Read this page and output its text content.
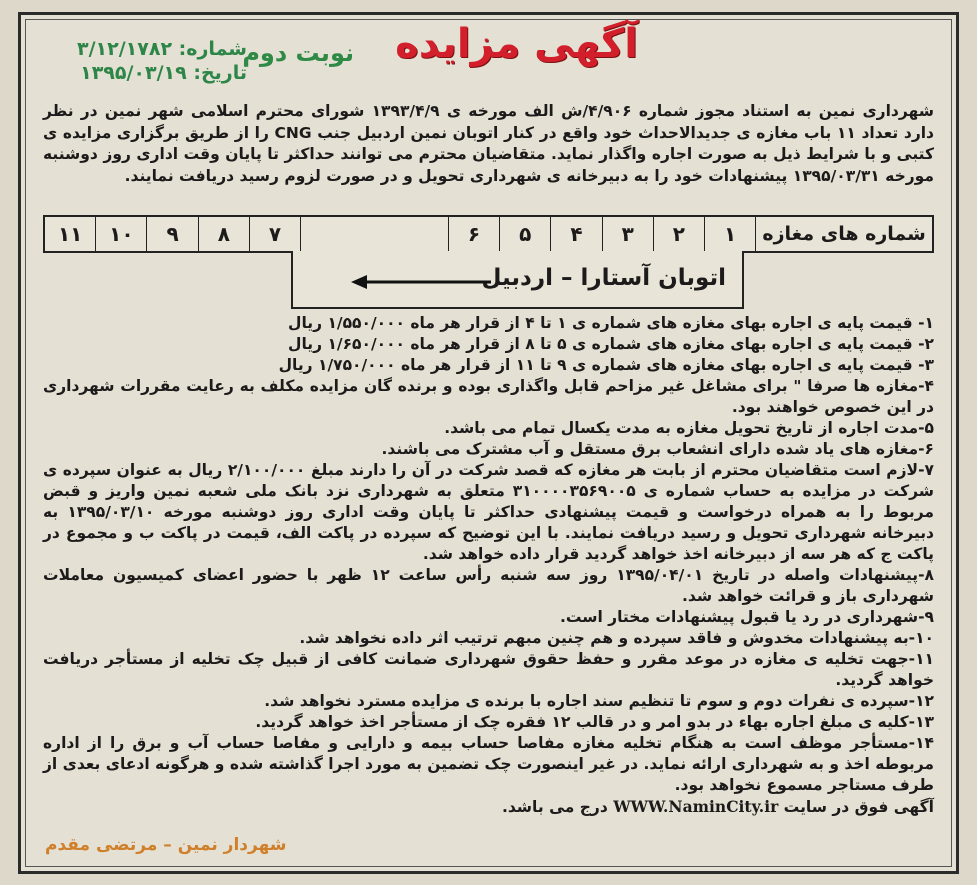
آگهی مزایده
نوبت دوم
شماره: ۳/۱۲/۱۷۸۲
تاریخ: ۱۳۹۵/۰۳/۱۹
شهرداری نمین به استناد مجوز شماره ۴/۹۰۶/ش الف مورخه ی ۱۳۹۳/۴/۹ شورای محترم اسلامی شهر نمین در نظر دارد تعداد ۱۱ باب مغازه ی جدیدالاحداث خود واقع در کنار اتوبان نمین اردبیل جنب CNG را از طریق برگزاری مزایده ی کتبی و با شرایط ذیل به صورت اجاره واگذار نماید. متقاضیان محترم می توانند حداکثر تا پایان وقت اداری روز دوشنبه مورخه ۱۳۹۵/۰۳/۳۱ پیشنهادات خود را به دبیرخانه ی شهرداری تحویل و در صورت لزوم رسید دریافت نمایند.
شماره های مغازه
۱
۲
۳
۴
۵
۶
۷
۸
۹
۱۰
۱۱
اتوبان آستارا – اردبیل

۱- قیمت پایه ی اجاره بهای مغازه های شماره ی ۱ تا ۴ از قرار هر ماه ۱/۵۵۰/۰۰۰ ریال

۲- قیمت پایه ی اجاره بهای مغازه های شماره ی ۵ تا ۸ از قرار هر ماه ۱/۶۵۰/۰۰۰ ریال

۳- قیمت پایه ی اجاره بهای مغازه های شماره ی ۹ تا ۱۱ از قرار هر ماه ۱/۷۵۰/۰۰۰ ریال

۴-مغازه ها صرفا " برای مشاغل غیر مزاحم قابل واگذاری بوده و برنده گان مزایده مکلف به رعایت مقررات شهرداری در این خصوص خواهند بود.

۵-مدت اجاره از تاریخ تحویل مغازه به مدت یکسال تمام می باشد.

۶-مغازه های یاد شده دارای انشعاب برق مستقل و آب مشترک می باشند.

۷-لازم است متقاضیان محترم از بابت هر مغازه که قصد شرکت در آن را دارند مبلغ ۲/۱۰۰/۰۰۰ ریال به عنوان سپرده ی شرکت در مزایده به حساب شماره ی ۳۱۰۰۰۰۳۵۶۹۰۰۵ متعلق به شهرداری نزد بانک ملی شعبه نمین واریز و قبض مربوط را به همراه درخواست و قیمت پیشنهادی حداکثر تا پایان وقت اداری روز دوشنبه مورخه ۱۳۹۵/۰۳/۱۰ به دبیرخانه شهرداری تحویل و رسید دریافت نمایند. با این توضیح که سپرده در پاکت الف، قیمت در پاکت ب و مجموع در پاکت ج که هر سه از دبیرخانه اخذ خواهد گردید قرار داده خواهد شد.

۸-پیشنهادات واصله در تاریخ ۱۳۹۵/۰۴/۰۱ روز سه شنبه رأس ساعت ۱۲ ظهر با حضور اعضای کمیسیون معاملات شهرداری باز و قرائت خواهد شد.

۹-شهرداری در رد یا قبول پیشنهادات مختار است.

۱۰-به پیشنهادات مخدوش و فاقد سپرده و هم چنین مبهم ترتیب اثر داده نخواهد شد.

۱۱-جهت تخلیه ی مغازه در موعد مقرر و حفظ حقوق شهرداری ضمانت کافی از قبیل چک تخلیه از مستأجر دریافت خواهد گردید.

۱۲-سپرده ی نفرات دوم و سوم تا تنظیم سند اجاره با برنده ی مزایده مسترد نخواهد شد.

۱۳-کلیه ی مبلغ اجاره بهاء در بدو امر و در قالب ۱۲ فقره چک از مستأجر اخذ خواهد گردید.

۱۴-مستأجر موظف است به هنگام تخلیه مغازه مفاصا حساب بیمه و دارایی و مفاصا حساب آب و برق را از اداره مربوطه اخذ و به شهرداری ارائه نماید. در غیر اینصورت چک تضمین به مورد اجرا گذاشته شده و هرگونه ادعای بعدی از طرف مستاجر مسموع نخواهد بود.

آگهی فوق در سایت WWW.NaminCity.ir درج می باشد.

شهردار نمین – مرتضی مقدم
